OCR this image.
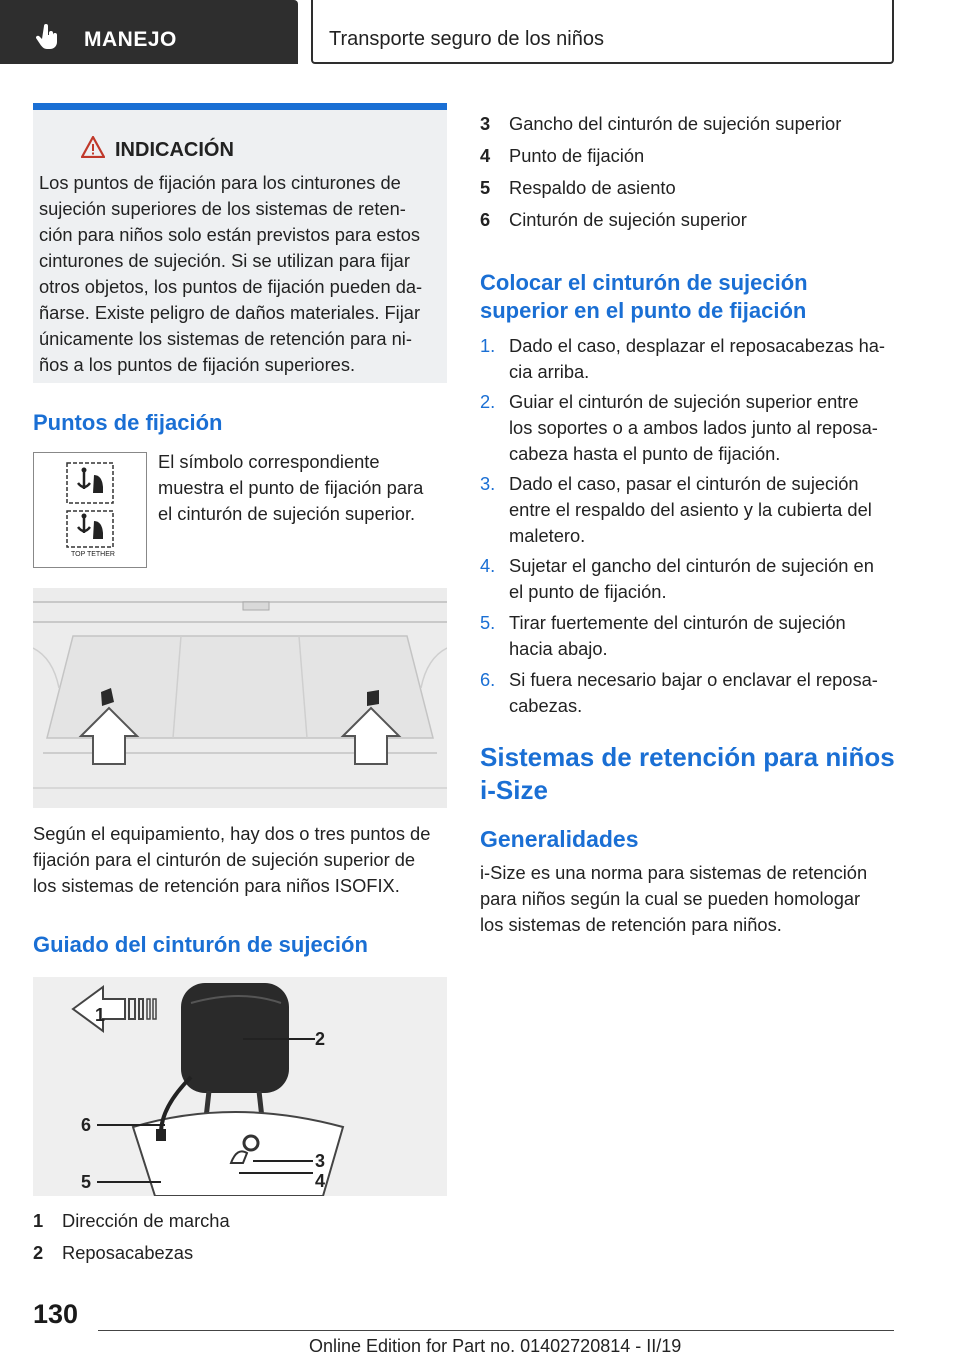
MANEJO	Transporte seguro de los niños
INDICACIÓN
Los puntos de fijación para los cinturones de
sujeción superiores de los sistemas de reten‐
ción para niños solo están previstos para estos
cinturones de sujeción. Si se utilizan para fijar
otros objetos, los puntos de fijación pueden da‐
ñarse. Existe peligro de daños materiales. Fijar
únicamente los sistemas de retención para ni‐
ños a los puntos de fijación superiores.
Puntos de fijación
TOP TETHER
El símbolo correspondiente
muestra el punto de fijación para
el cinturón de sujeción superior.
Según el equipamiento, hay dos o tres puntos de
fijación para el cinturón de sujeción superior de
los sistemas de retención para niños ISOFIX.
Guiado del cinturón de sujeción
1
2
6
5
3
4
1 Dirección de marcha
2 Reposacabezas
3 Gancho del cinturón de sujeción superior
4 Punto de fijación
5 Respaldo de asiento
6 Cinturón de sujeción superior
Colocar el cinturón de sujeción
superior en el punto de fijación
1. Dado el caso, desplazar el reposacabezas ha‐
cia arriba.
2. Guiar el cinturón de sujeción superior entre
los soportes o a ambos lados junto al reposa‐
cabeza hasta el punto de fijación.
3. Dado el caso, pasar el cinturón de sujeción
entre el respaldo del asiento y la cubierta del
maletero.
4. Sujetar el gancho del cinturón de sujeción en
el punto de fijación.
5. Tirar fuertemente del cinturón de sujeción
hacia abajo.
6. Si fuera necesario bajar o enclavar el reposa‐
cabezas.
Sistemas de retención para niños
i-Size
Generalidades
i-Size es una norma para sistemas de retención
para niños según la cual se pueden homologar
los sistemas de retención para niños.
130
Online Edition for Part no. 01402720814 - II/19
